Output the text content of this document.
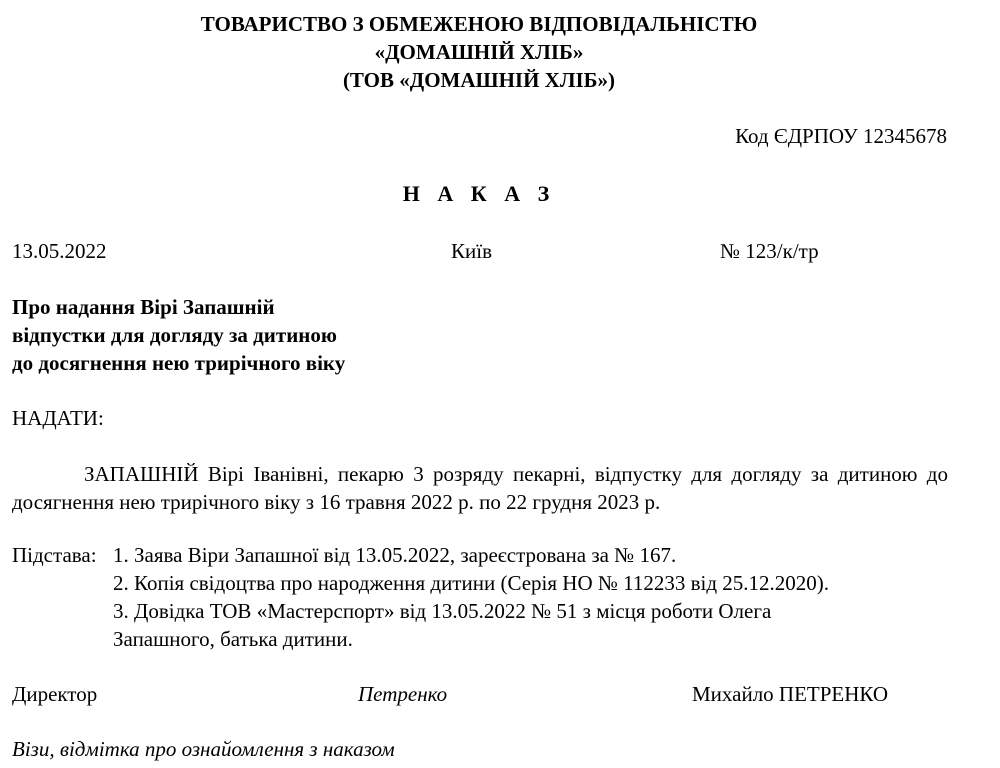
ТОВАРИСТВО З ОБМЕЖЕНОЮ ВІДПОВІДАЛЬНІСТЮ
«ДОМАШНІЙ ХЛІБ»
(ТОВ «ДОМАШНІЙ ХЛІБ»)
Код ЄДРПОУ 12345678
Н А К А З
13.05.2022	Київ	№ 123/к/тр
Про надання Вірі Запашній
відпустки для догляду за дитиною
до досягнення нею трирічного віку
НАДАТИ:
ЗАПАШНІЙ Вірі Іванівні, пекарю 3 розряду пекарні, відпустку для догляду за дитиною до досягнення нею трирічного віку з 16 травня 2022 р. по 22 грудня 2023 р.
Підстава: 1. Заява Віри Запашної від 13.05.2022, зареєстрована за № 167.
2. Копія свідоцтва про народження дитини (Серія НО № 112233 від 25.12.2020).
3. Довідка ТОВ «Мастерспорт» від 13.05.2022 № 51 з місця роботи Олега
Запашного, батька дитини.
Директор	Петренко	Михайло ПЕТРЕНКО
Візи, відмітка про ознайомлення з наказом
